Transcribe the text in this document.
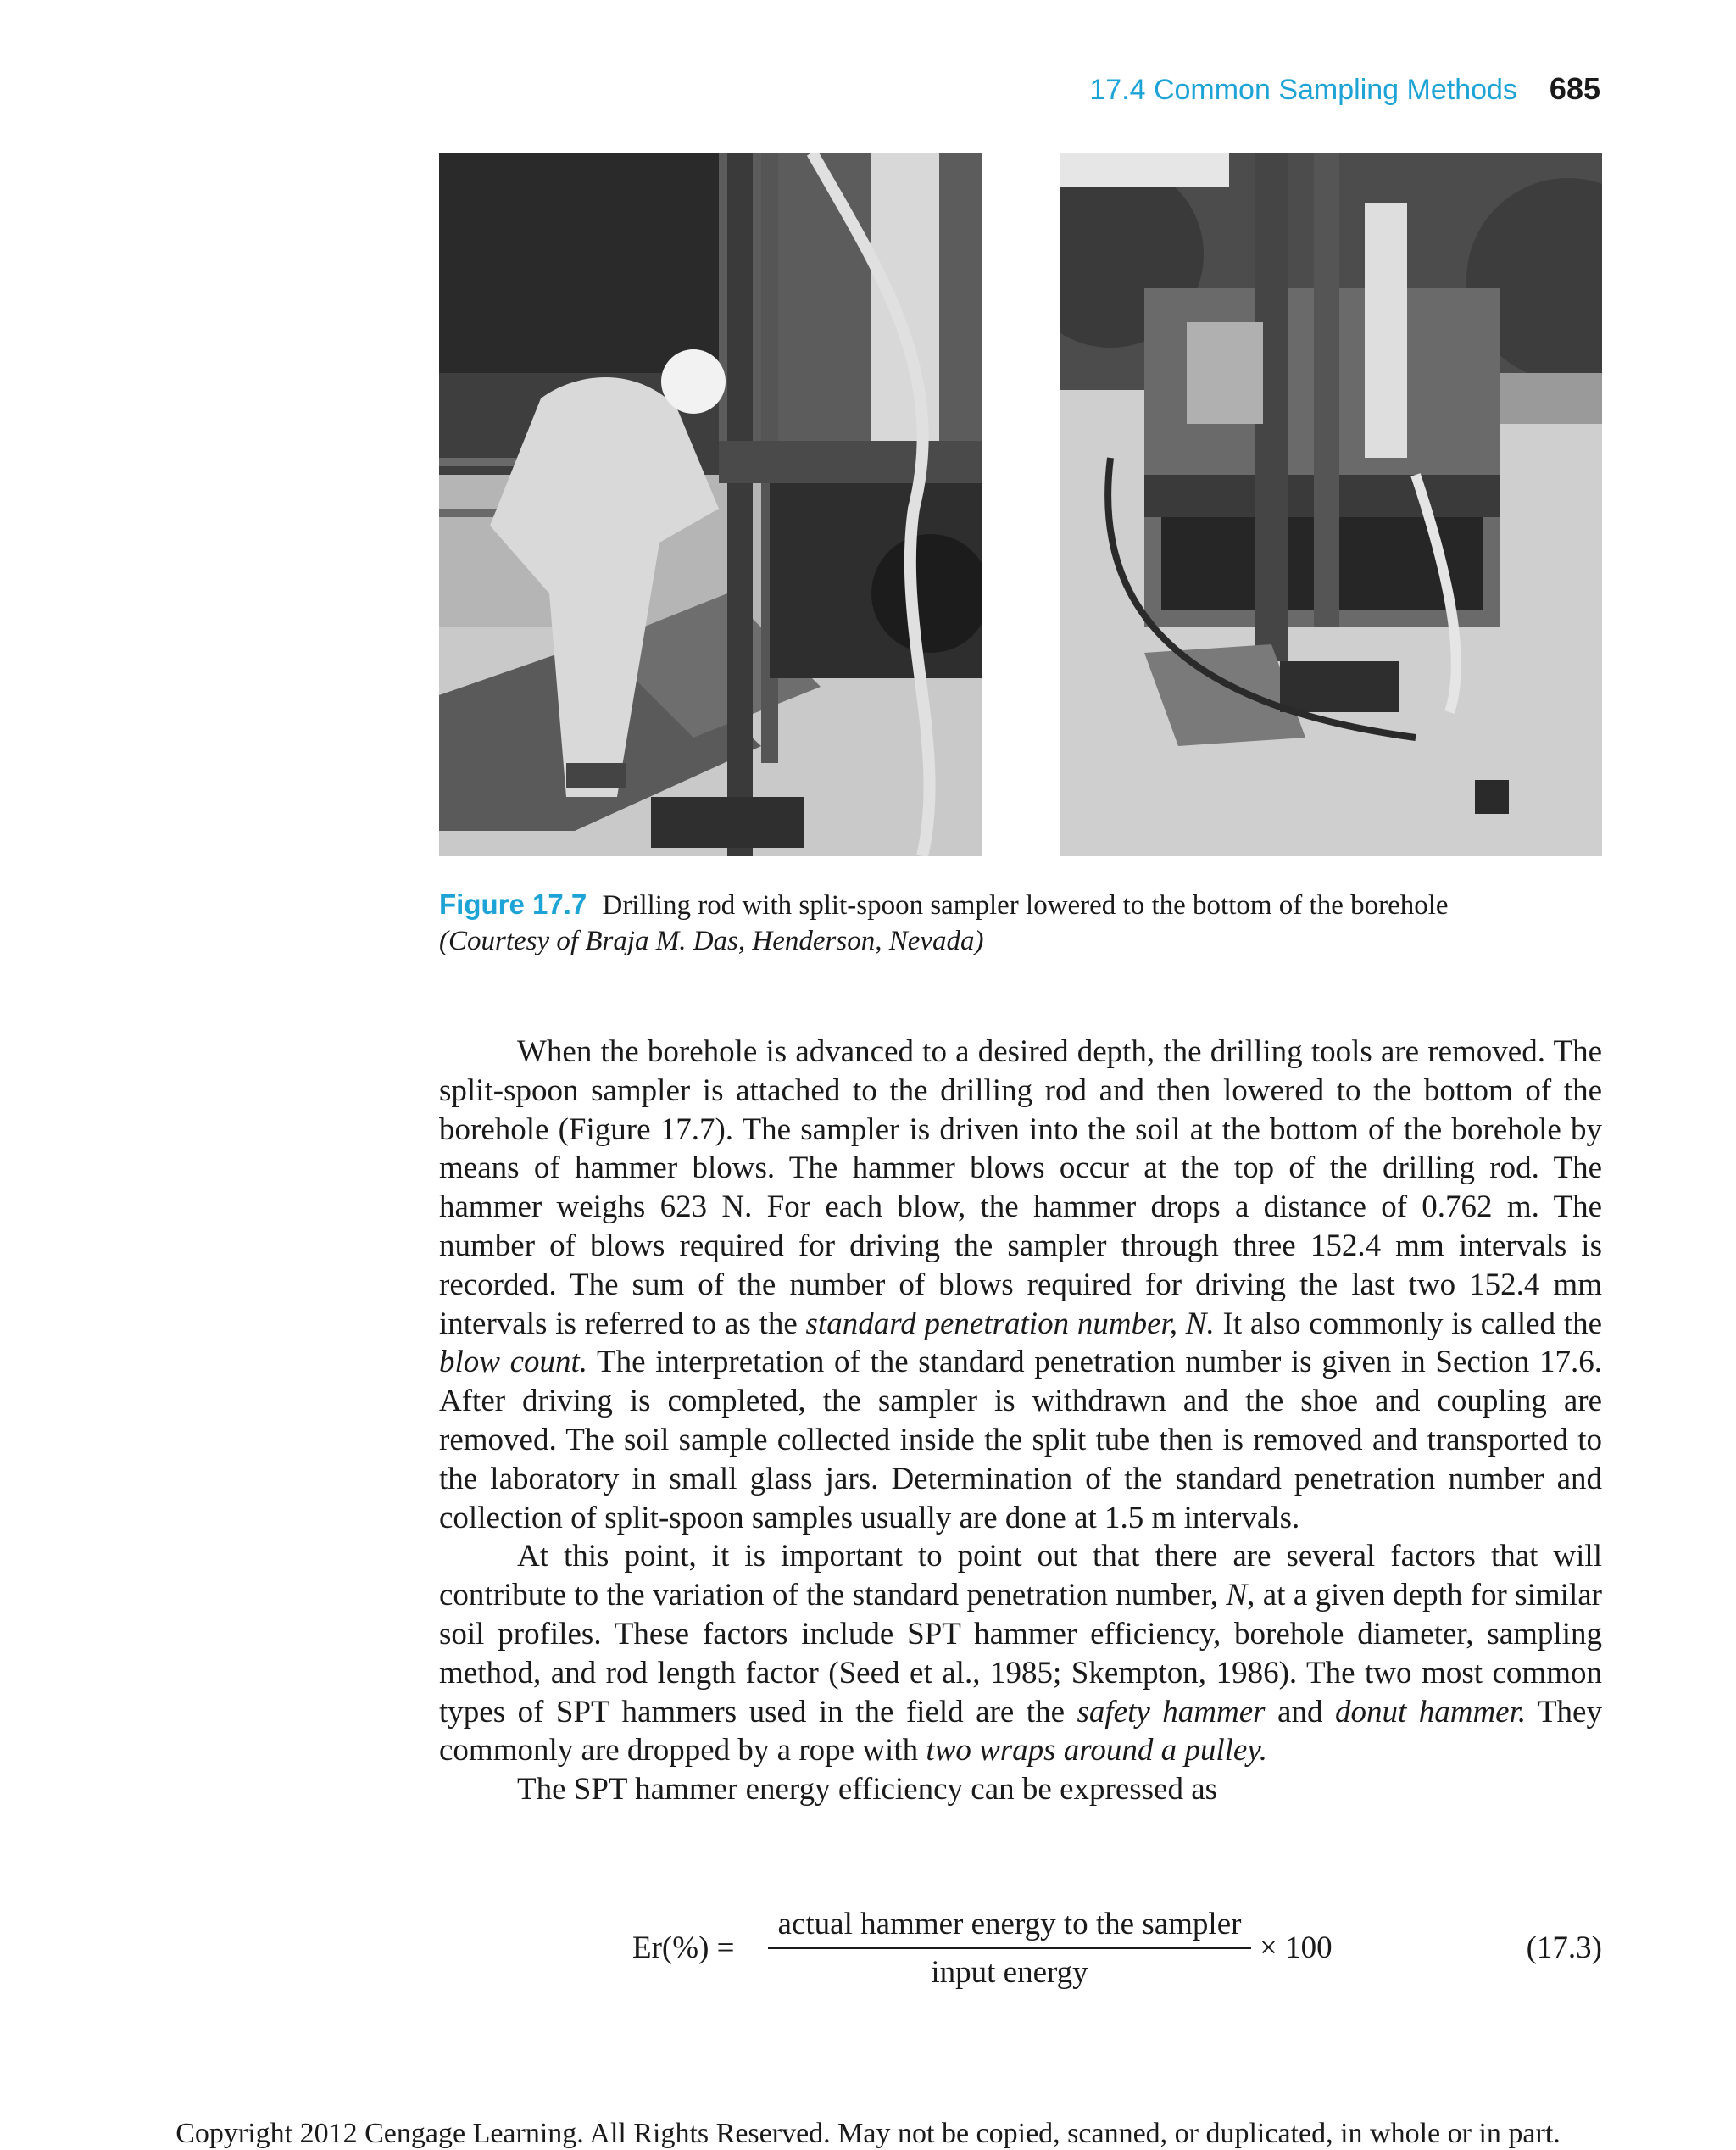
17.4 Common Sampling Methods 685
Figure 17.7 Drilling rod with split-spoon sampler lowered to the bottom of the borehole
(Courtesy of Braja M. Das, Henderson, Nevada)

When the borehole is advanced to a desired depth, the drilling tools are removed. The split-spoon sampler is attached to the drilling rod and then lowered to the bottom of the borehole (Figure 17.7). The sampler is driven into the soil at the bottom of the borehole by means of hammer blows. The hammer blows occur at the top of the drilling rod. The hammer weighs 623 N. For each blow, the hammer drops a distance of 0.762 m. The number of blows required for driving the sampler through three 152.4 mm intervals is recorded. The sum of the number of blows required for driving the last two 152.4 mm intervals is referred to as the standard penetration number, N. It also commonly is called the blow count. The interpretation of the standard penetration number is given in Section 17.6. After driving is completed, the sampler is withdrawn and the shoe and coupling are removed. The soil sample collected inside the split tube then is removed and transported to the laboratory in small glass jars. Determination of the standard penetration number and collection of split-spoon samples usually are done at 1.5 m intervals.

At this point, it is important to point out that there are several factors that will contribute to the variation of the standard penetration number, N, at a given depth for similar soil profiles. These factors include SPT hammer efficiency, borehole diameter, sampling method, and rod length factor (Seed et al., 1985; Skempton, 1986). The two most common types of SPT hammers used in the field are the safety hammer and donut hammer. They commonly are dropped by a rope with two wraps around a pulley.

The SPT hammer energy efficiency can be expressed as

Er(%) =
actual hammer energy to the sampler
input energy
× 100	(17.3)
Copyright 2012 Cengage Learning. All Rights Reserved. May not be copied, scanned, or duplicated, in whole or in part.
